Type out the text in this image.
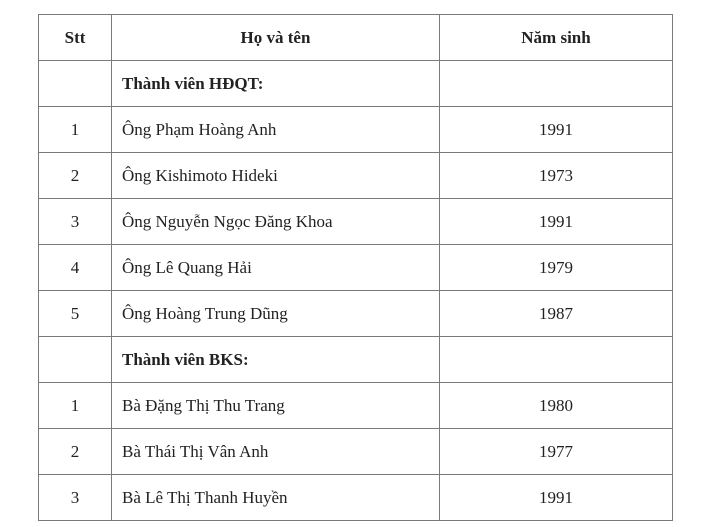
Stt	Họ và tên	Năm sinh
	Thành viên HĐQT:	
1	Ông Phạm Hoàng Anh	1991
2	Ông Kishimoto Hideki	1973
3	Ông Nguyễn Ngọc Đăng Khoa	1991
4	Ông Lê Quang Hải	1979
5	Ông Hoàng Trung Dũng	1987
	Thành viên BKS:	
1	Bà Đặng Thị Thu Trang	1980
2	Bà Thái Thị Vân Anh	1977
3	Bà Lê Thị Thanh Huyền	1991
